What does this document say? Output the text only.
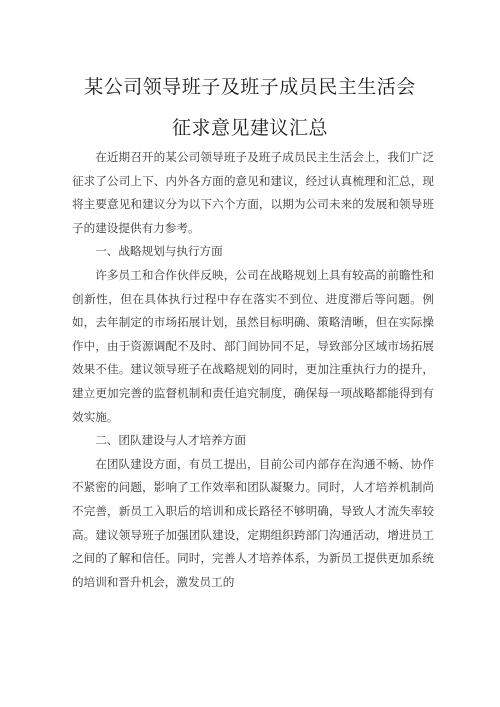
某公司领导班子及班子成员民主生活会
征求意见建议汇总

在近期召开的某公司领导班子及班子成员民主生活会上，我们广泛征求了公司上下、内外各方面的意见和建议，经过认真梳理和汇总，现将主要意见和建议分为以下六个方面，以期为公司未来的发展和领导班子的建设提供有力参考。

一、战略规划与执行方面

许多员工和合作伙伴反映，公司在战略规划上具有较高的前瞻性和创新性，但在具体执行过程中存在落实不到位、进度滞后等问题。例如，去年制定的市场拓展计划，虽然目标明确、策略清晰，但在实际操作中，由于资源调配不及时、部门间协同不足，导致部分区域市场拓展效果不佳。建议领导班子在战略规划的同时，更加注重执行力的提升，建立更加完善的监督机制和责任追究制度，确保每一项战略都能得到有效实施。

二、团队建设与人才培养方面

在团队建设方面，有员工提出，目前公司内部存在沟通不畅、协作不紧密的问题，影响了工作效率和团队凝聚力。同时，人才培养机制尚不完善，新员工入职后的培训和成长路径不够明确，导致人才流失率较高。建议领导班子加强团队建设，定期组织跨部门沟通活动，增进员工之间的了解和信任。同时，完善人才培养体系，为新员工提供更加系统的培训和晋升机会，激发员工的
